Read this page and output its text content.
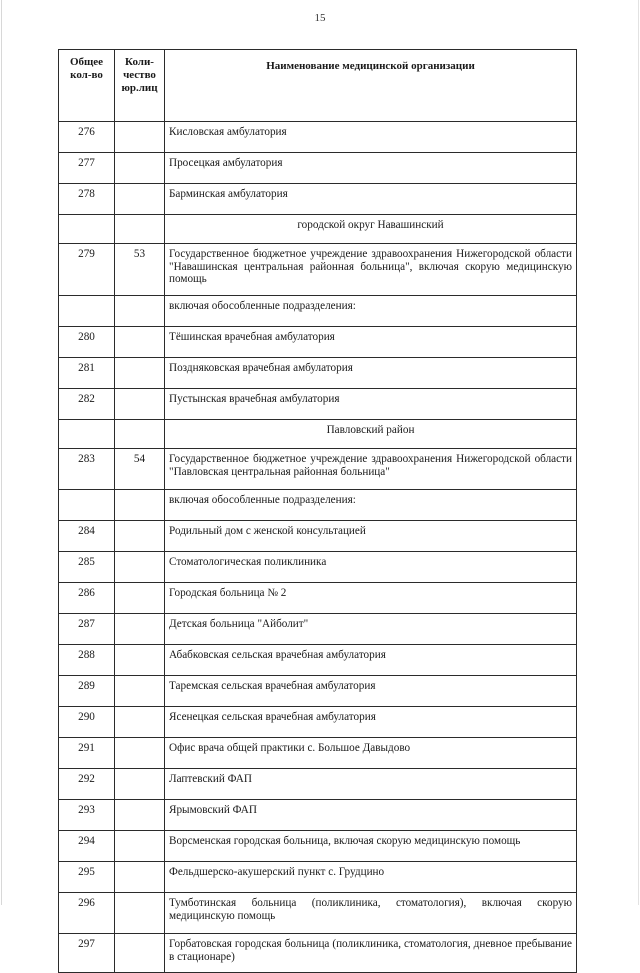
15
Общее кол-во	Коли-чество юр.лиц	Наименование медицинской организации
276		Кисловская амбулатория
277		Просецкая амбулатория
278		Барминская амбулатория
		городской округ Навашинский
279	53	Государственное бюджетное учреждение здравоохранения Нижегородской области "Навашинская центральная районная больница", включая скорую медицинскую помощь
		включая обособленные подразделения:
280		Тёшинская врачебная амбулатория
281		Поздняковская врачебная амбулатория
282		Пустынская врачебная амбулатория
		Павловский район
283	54	Государственное бюджетное учреждение здравоохранения Нижегородской области "Павловская центральная районная больница"
		включая обособленные подразделения:
284		Родильный дом с женской консультацией
285		Стоматологическая поликлиника
286		Городская больница № 2
287		Детская больница "Айболит"
288		Абабковская сельская врачебная амбулатория
289		Таремская сельская врачебная амбулатория
290		Ясенецкая сельская врачебная амбулатория
291		Офис врача общей практики с. Большое Давыдово
292		Лаптевский ФАП
293		Ярымовский ФАП
294		Ворсменская городская больница, включая скорую медицинскую помощь
295		Фельдшерско-акушерский пункт с. Грудцино
296		Тумботинская больница (поликлиника, стоматология), включая скорую медицинскую помощь
297		Горбатовская городская больница (поликлиника, стоматология, дневное пребывание в стационаре)
